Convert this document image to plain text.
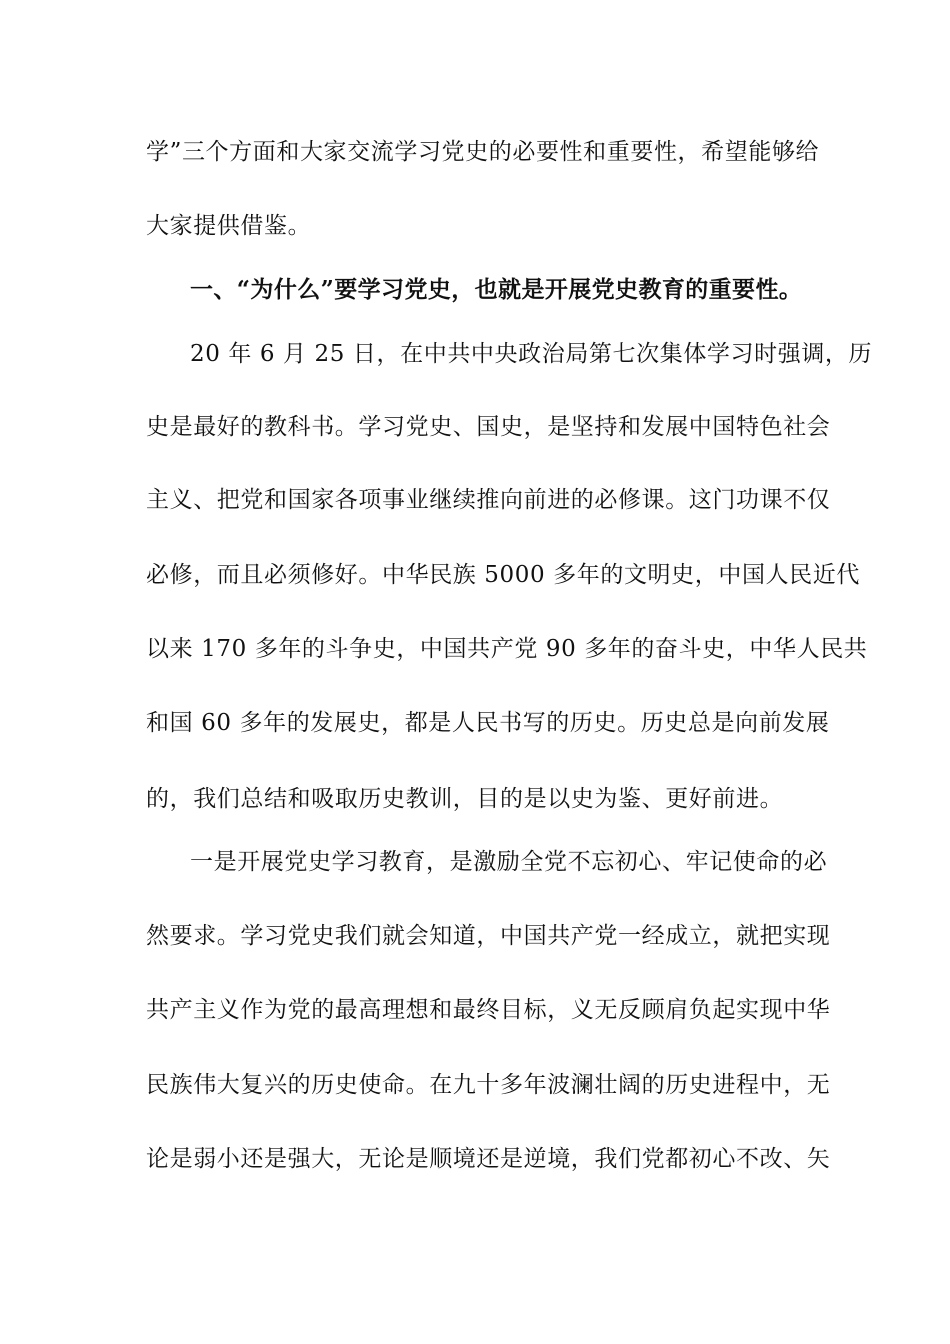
学”三个方面和大家交流学习党史的必要性和重要性，希望能够给
大家提供借鉴。
一、“为什么”要学习党史，也就是开展党史教育的重要性。
20 年 6 月 25 日，在中共中央政治局第七次集体学习时强调，历
史是最好的教科书。学习党史、国史，是坚持和发展中国特色社会
主义、把党和国家各项事业继续推向前进的必修课。这门功课不仅
必修，而且必须修好。中华民族 5000 多年的文明史，中国人民近代
以来 170 多年的斗争史，中国共产党 90 多年的奋斗史，中华人民共
和国 60 多年的发展史，都是人民书写的历史。历史总是向前发展
的，我们总结和吸取历史教训，目的是以史为鉴、更好前进。
一是开展党史学习教育，是激励全党不忘初心、牢记使命的必
然要求。学习党史我们就会知道，中国共产党一经成立，就把实现
共产主义作为党的最高理想和最终目标，义无反顾肩负起实现中华
民族伟大复兴的历史使命。在九十多年波澜壮阔的历史进程中，无
论是弱小还是强大，无论是顺境还是逆境，我们党都初心不改、矢
